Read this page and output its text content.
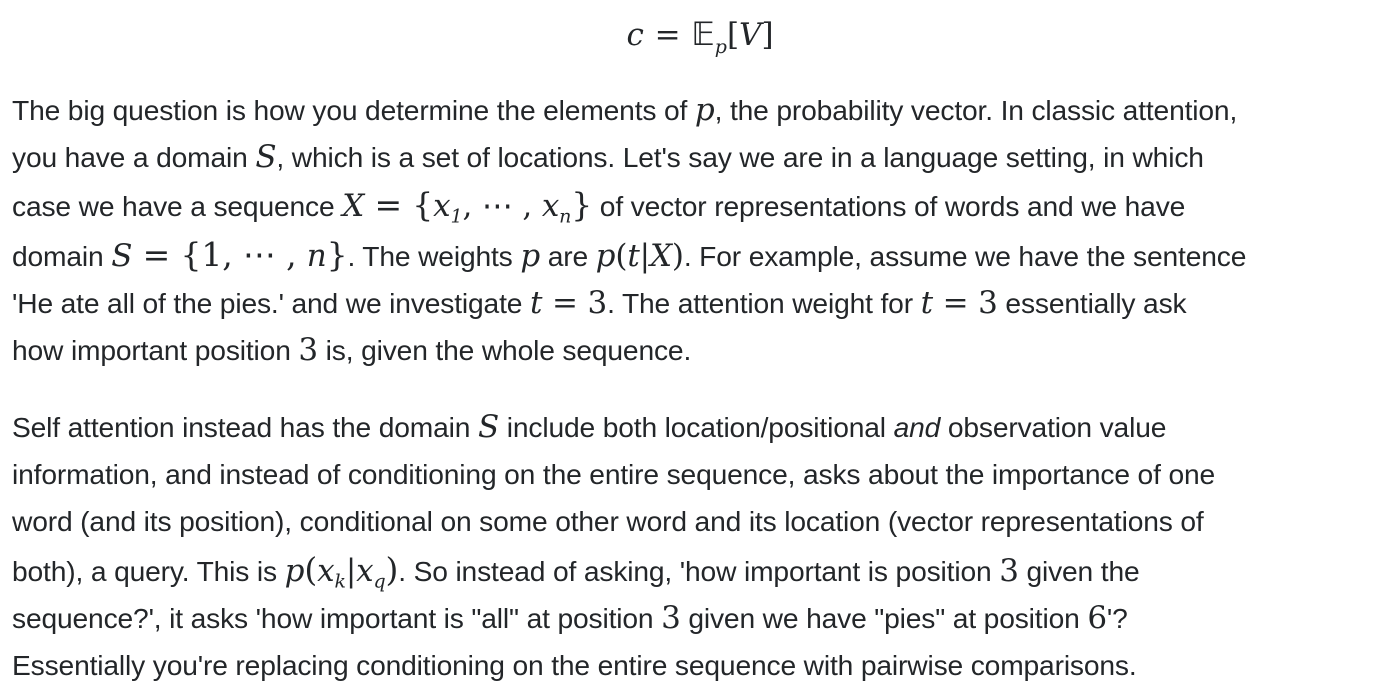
c = 𝔼$_p$[V]

The big question is how you determine the elements of p, the probability vector. In classic attention,
you have a domain S, which is a set of locations. Let's say we are in a language setting, in which
case we have a sequence $X = \{x_1$, ⋯ , $x_n$} of vector representations of words and we have
domain S = {1, ⋯ , n}. The weights p are p(t|X). For example, assume we have the sentence
'He ate all of the pies.' and we investigate t = 3. The attention weight for t = 3 essentially ask
how important position 3 is, given the whole sequence.

Self attention instead has the domain S include both location/positional and observation value
information, and instead of conditioning on the entire sequence, asks about the importance of one
word (and its position), conditional on some other word and its location (vector representations of
both), a query. This is $p(x_k|x_q)$. So instead of asking, 'how important is position 3 given the
sequence?', it asks 'how important is "all" at position 3 given we have "pies" at position 6'?
Essentially you're replacing conditioning on the entire sequence with pairwise comparisons.
